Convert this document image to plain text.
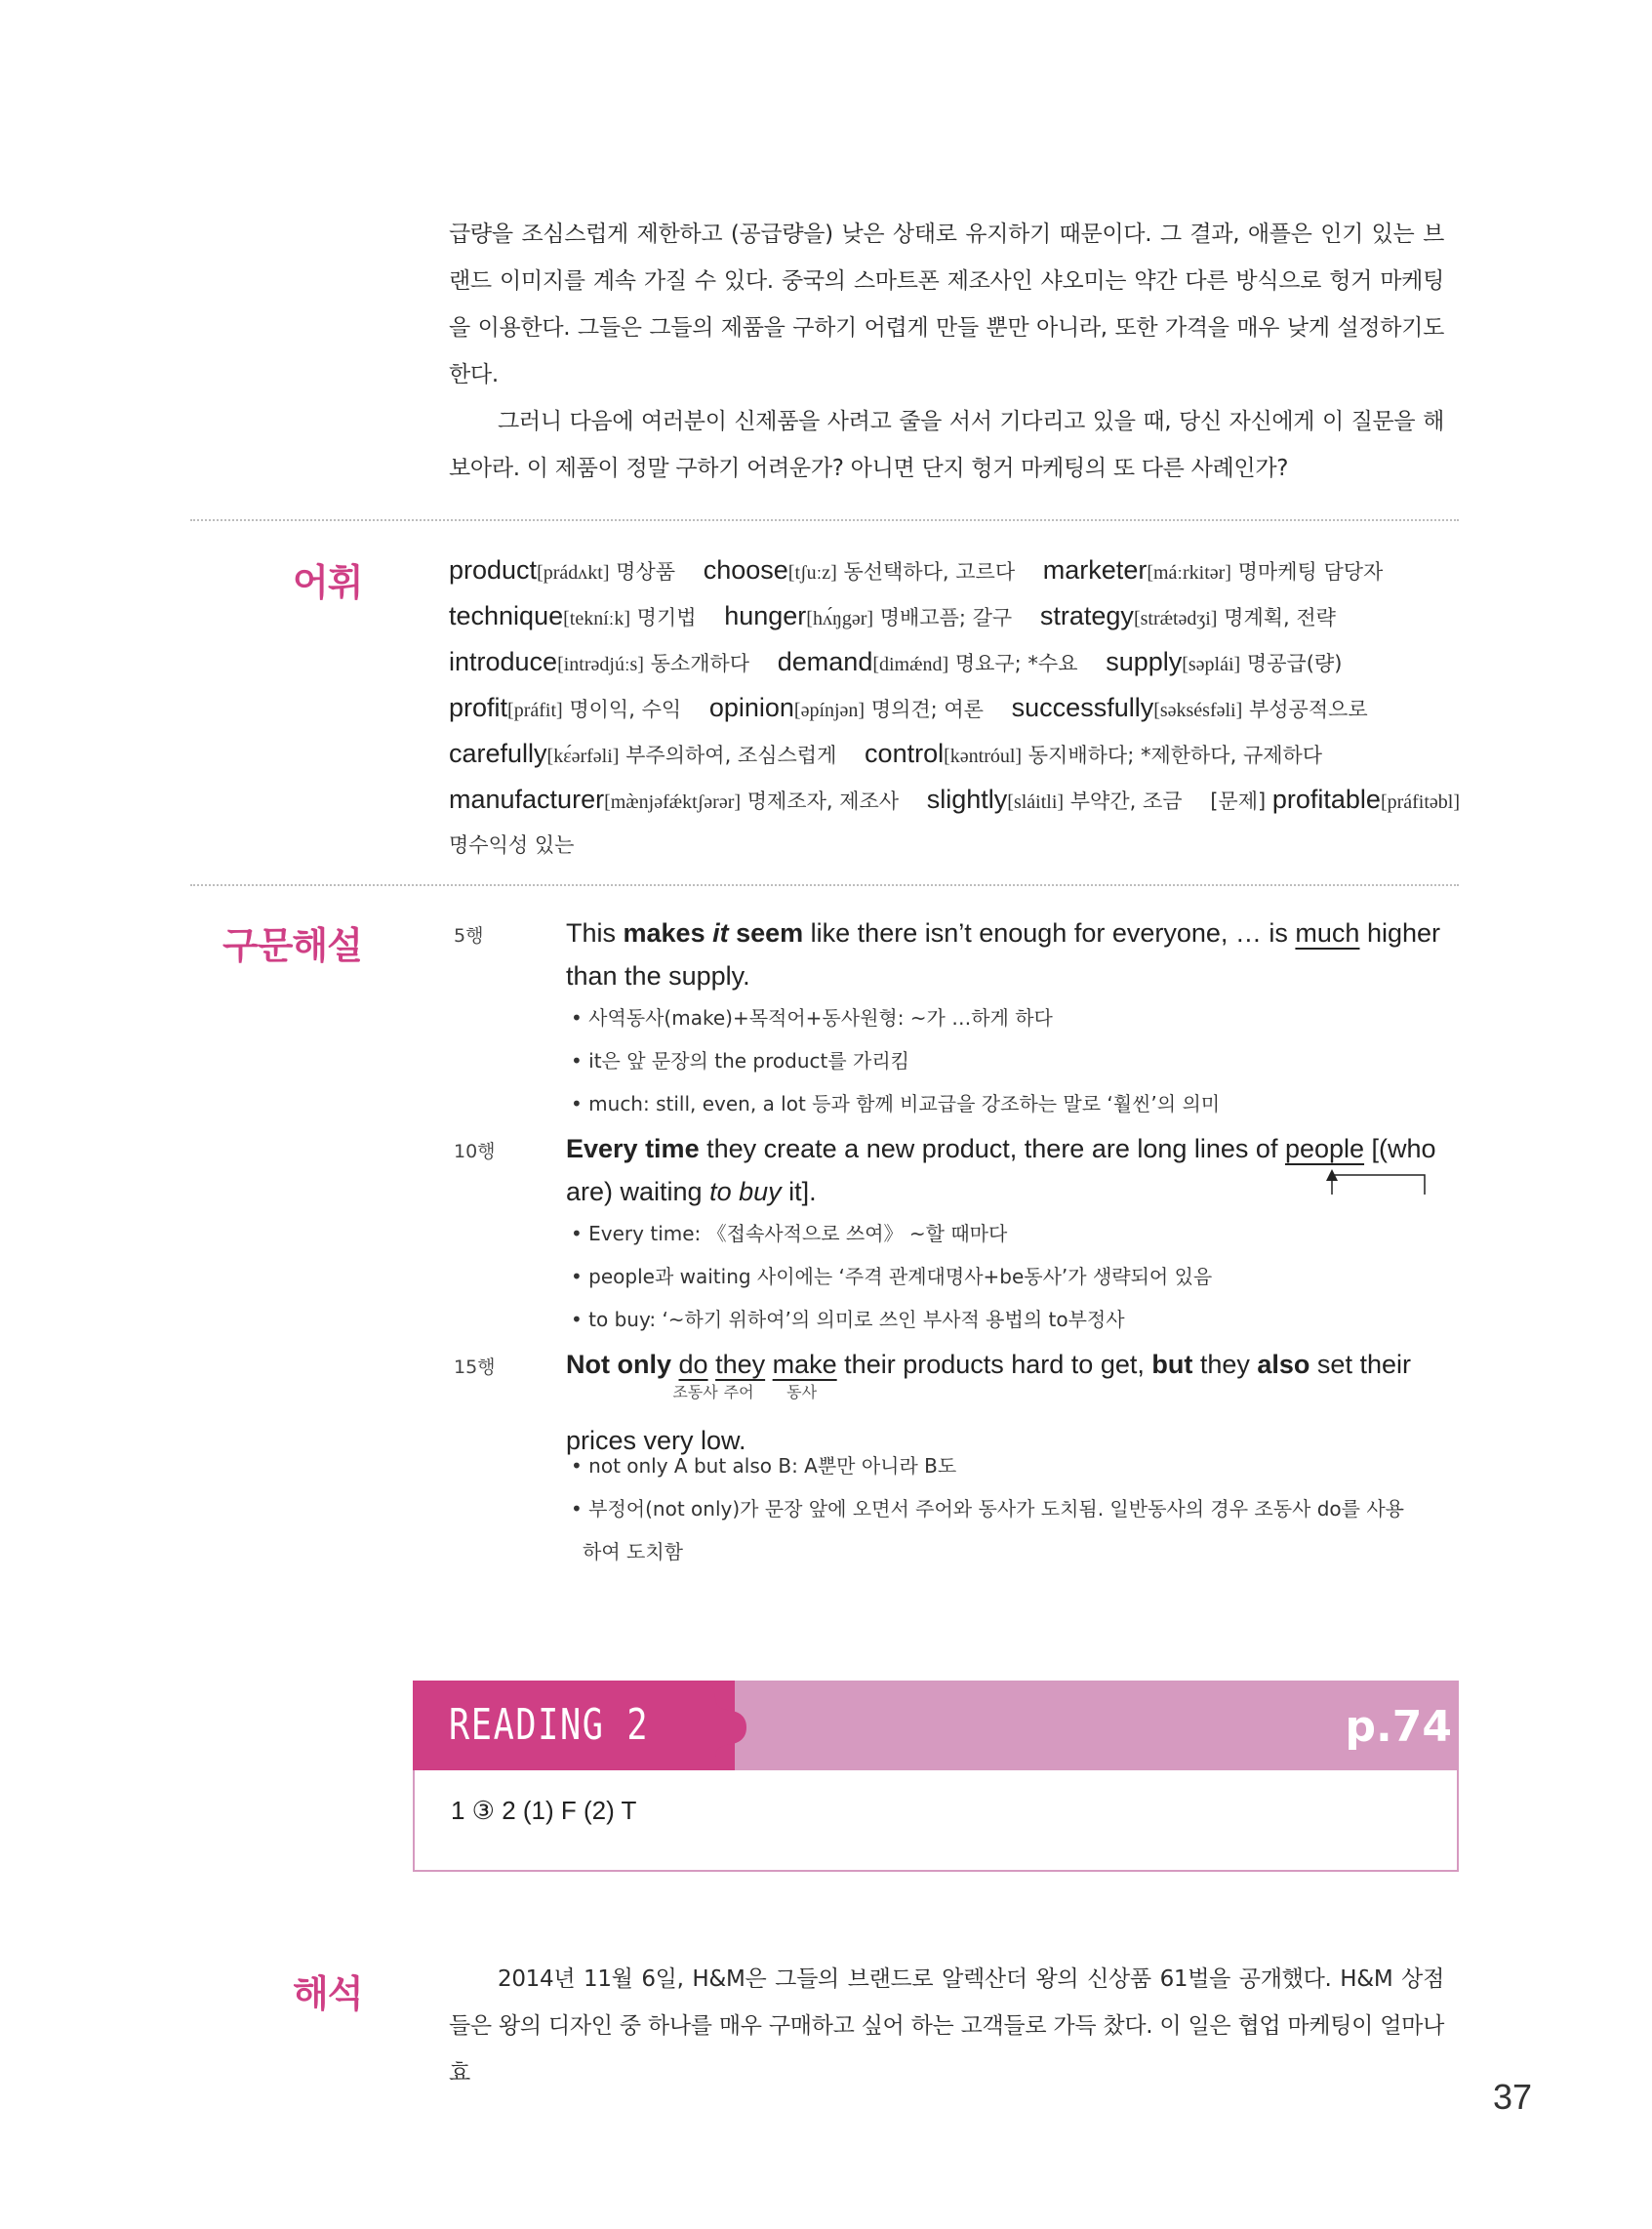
급량을 조심스럽게 제한하고 (공급량을) 낮은 상태로 유지하기 때문이다. 그 결과, 애플은 인기 있는 브랜드 이미지를 계속 가질 수 있다. 중국의 스마트폰 제조사인 샤오미는 약간 다른 방식으로 헝거 마케팅을 이용한다. 그들은 그들의 제품을 구하기 어렵게 만들 뿐만 아니라, 또한 가격을 매우 낮게 설정하기도 한다.
그러니 다음에 여러분이 신제품을 사려고 줄을 서서 기다리고 있을 때, 당신 자신에게 이 질문을 해보아라. 이 제품이 정말 구하기 어려운가? 아니면 단지 헝거 마케팅의 또 다른 사례인가?
어휘	product[prádʌkt] 명상품 choose[tʃuːz] 동선택하다, 고르다 marketer[máːrkitər] 명마케팅 담당자 technique[tekníːk] 명기법 hunger[hʌ́ŋgər] 명배고픔; 갈구 strategy[strǽtədʒi] 명계획, 전략 introduce[intrədjúːs] 동소개하다 demand[dimǽnd] 명요구; *수요 supply[səplái] 명공급(량) profit[práfit] 명이익, 수익 opinion[əpínjən] 명의견; 여론 successfully[səksésfəli] 부성공적으로 carefully[kɛ́ərfəli] 부주의하여, 조심스럽게 control[kəntróul] 동지배하다; *제한하다, 규제하다 manufacturer[mæ̀njəfǽktʃərər] 명제조자, 제조사 slightly[sláitli] 부약간, 조금 [문제] profitable[práfitəbl] 명수익성 있는
구문해설	5행	This makes it seem like there isn’t enough for everyone, … is much higher than the supply.
• 사역동사(make)+목적어+동사원형: ~가 …하게 하다
• it은 앞 문장의 the product를 가리킴
• much: still, even, a lot 등과 함께 비교급을 강조하는 말로 ‘훨씬’의 의미
10행	Every time they create a new product, there are long lines of people [(who are) waiting to buy it].
• Every time: 《접속사적으로 쓰여》 ~할 때마다
• people과 waiting 사이에는 ‘주격 관계대명사+be동사’가 생략되어 있음
• to buy: ‘~하기 위하여’의 의미로 쓰인 부사적 용법의 to부정사
15행	Not only do
조동사
they
주어
make
동사
their products hard to get, but they also set their
prices very low.
• not only A but also B: A뿐만 아니라 B도
• 부정어(not only)가 문장 앞에 오면서 주어와 동사가 도치됨. 일반동사의 경우 조동사 do를 사용
하여 도치함
READING 2	p.74
1 ③ 2 (1) F (2) T
해석	2014년 11월 6일, H&M은 그들의 브랜드로 알렉산더 왕의 신상품 61벌을 공개했다. H&M 상점들은 왕의 디자인 중 하나를 매우 구매하고 싶어 하는 고객들로 가득 찼다. 이 일은 협업 마케팅이 얼마나 효
37
